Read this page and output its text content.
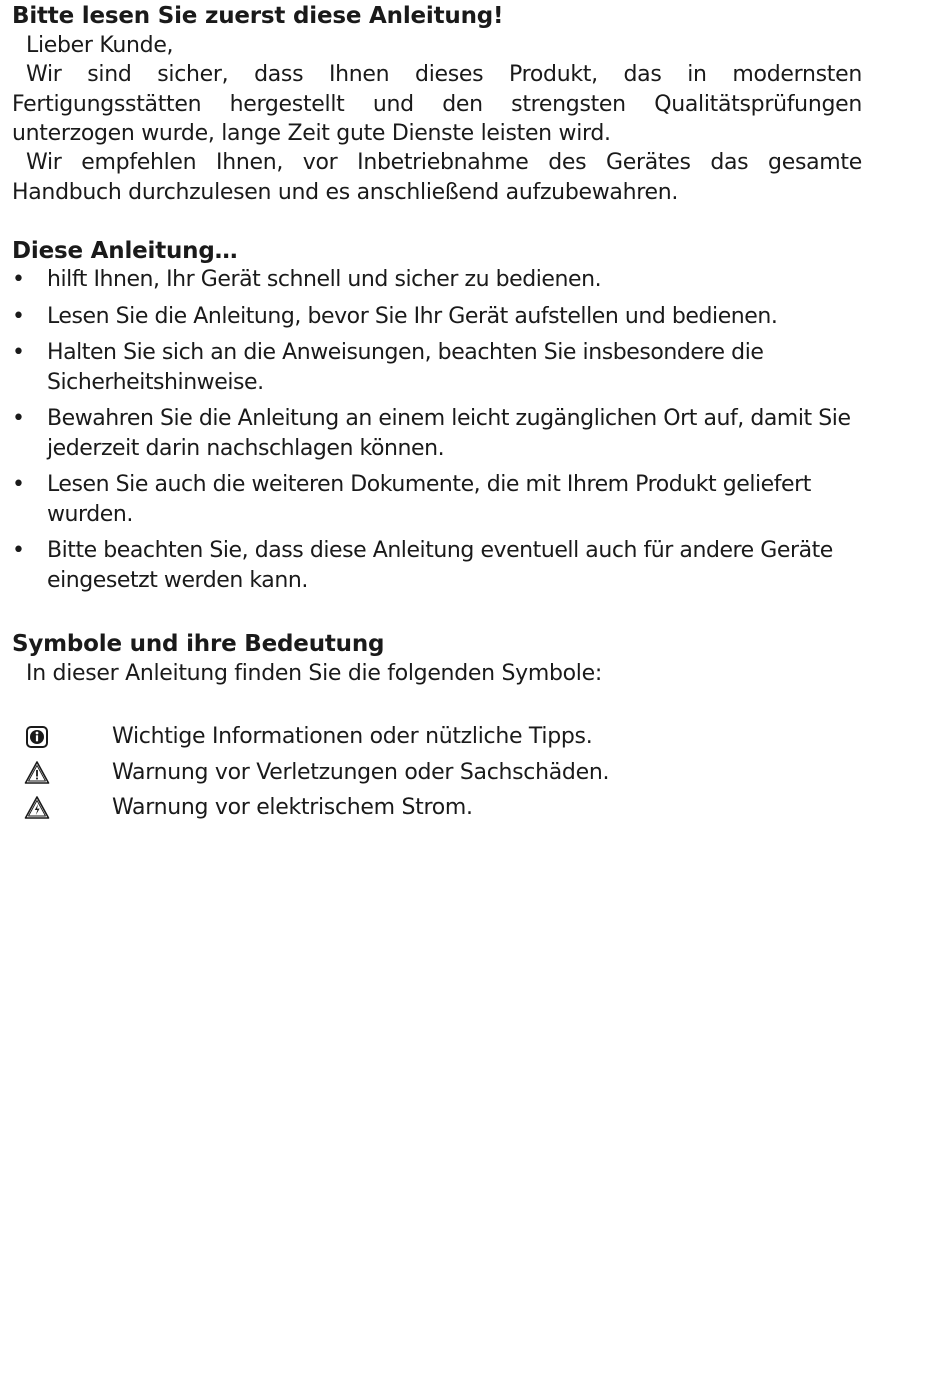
Bitte lesen Sie zuerst diese Anleitung!

Lieber Kunde,

Wir sind sicher, dass Ihnen dieses Produkt, das in modernsten Fertigungsstätten hergestellt und den strengsten Qualitätsprüfungen unterzogen wurde, lange Zeit gute Dienste leisten wird.

Wir empfehlen Ihnen, vor Inbetriebnahme des Gerätes das gesamte Handbuch durchzulesen und es anschließend aufzubewahren.

Diese Anleitung…
• hilft Ihnen, Ihr Gerät schnell und sicher zu bedienen.
• Lesen Sie die Anleitung, bevor Sie Ihr Gerät aufstellen und bedienen.
• Halten Sie sich an die Anweisungen, beachten Sie insbesondere die Sicherheitshinweise.
• Bewahren Sie die Anleitung an einem leicht zugänglichen Ort auf, damit Sie jederzeit darin nachschlagen können.
• Lesen Sie auch die weiteren Dokumente, die mit Ihrem Produkt geliefert wurden.
• Bitte beachten Sie, dass diese Anleitung eventuell auch für andere Geräte eingesetzt werden kann.
Symbole und ihre Bedeutung

In dieser Anleitung finden Sie die folgenden Symbole:

Wichtige Informationen oder nützliche Tipps.
Warnung vor Verletzungen oder Sachschäden.
Warnung vor elektrischem Strom.
